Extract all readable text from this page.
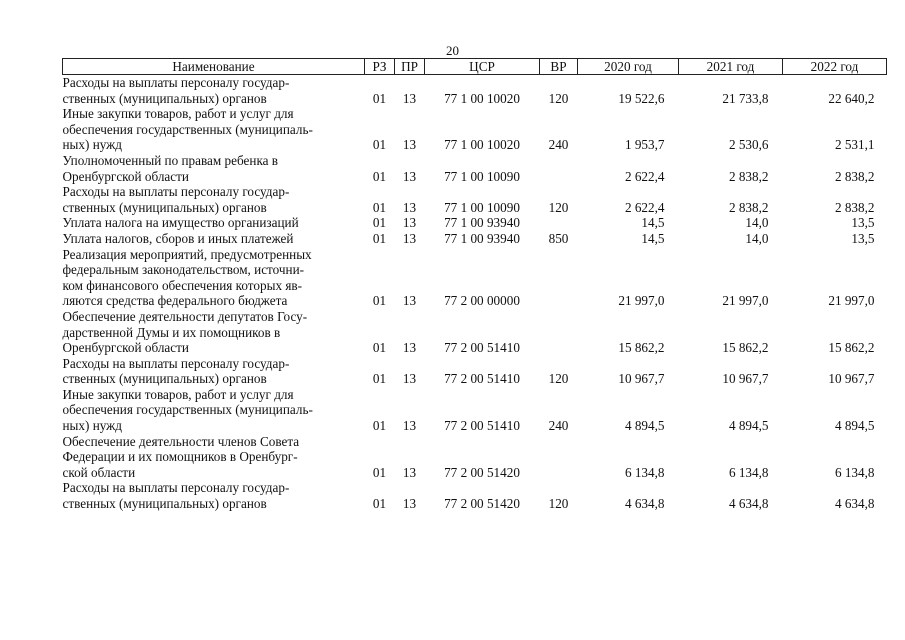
20
Наименование	РЗ	ПР	ЦСР	ВР	2020 год	2021 год	2022 год
Расходы на выплаты персоналу государ-
ственных (муниципальных) органов	01	13	77 1 00 10020	120	19 522,6	21 733,8	22 640,2
Иные закупки товаров, работ и услуг для
обеспечения государственных (муниципаль-
ных) нужд	01	13	77 1 00 10020	240	1 953,7	2 530,6	2 531,1
Уполномоченный по правам ребенка в
Оренбургской области	01	13	77 1 00 10090		2 622,4	2 838,2	2 838,2
Расходы на выплаты персоналу государ-
ственных (муниципальных) органов	01	13	77 1 00 10090	120	2 622,4	2 838,2	2 838,2
Уплата налога на имущество организаций	01	13	77 1 00 93940		14,5	14,0	13,5
Уплата налогов, сборов и иных платежей	01	13	77 1 00 93940	850	14,5	14,0	13,5
Реализация мероприятий, предусмотренных
федеральным законодательством, источни-
ком финансового обеспечения которых яв-
ляются средства федерального бюджета	01	13	77 2 00 00000		21 997,0	21 997,0	21 997,0
Обеспечение деятельности депутатов Госу-
дарственной Думы и их помощников в
Оренбургской области	01	13	77 2 00 51410		15 862,2	15 862,2	15 862,2
Расходы на выплаты персоналу государ-
ственных (муниципальных) органов	01	13	77 2 00 51410	120	10 967,7	10 967,7	10 967,7
Иные закупки товаров, работ и услуг для
обеспечения государственных (муниципаль-
ных) нужд	01	13	77 2 00 51410	240	4 894,5	4 894,5	4 894,5
Обеспечение деятельности членов Совета
Федерации и их помощников в Оренбург-
ской области	01	13	77 2 00 51420		6 134,8	6 134,8	6 134,8
Расходы на выплаты персоналу государ-
ственных (муниципальных) органов	01	13	77 2 00 51420	120	4 634,8	4 634,8	4 634,8
